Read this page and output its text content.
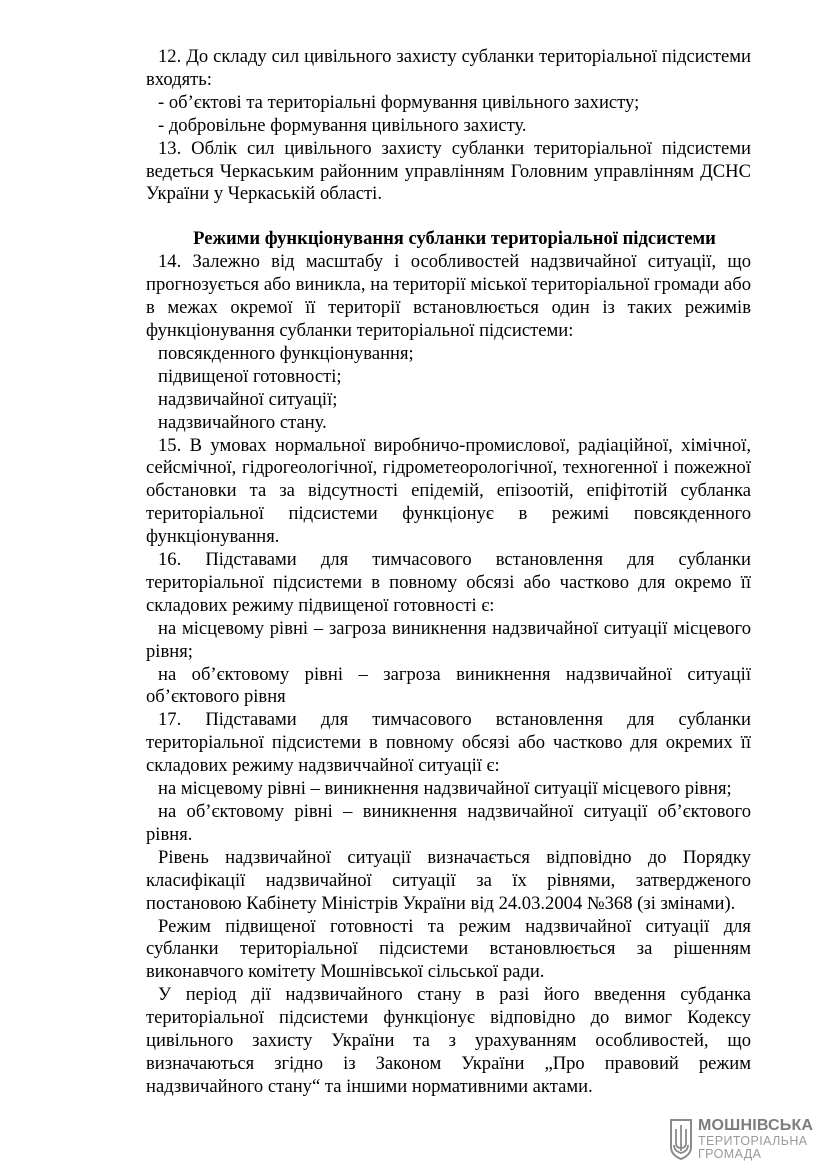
12. До складу сил цивільного захисту субланки територіальної підсистеми входять:

- об’єктові та територіальні формування цивільного захисту;

- добровільне формування цивільного захисту.

13. Облік сил цивільного захисту субланки територіальної підсистеми ведеться Черкаським районним управлінням Головним управлінням ДСНС України у Черкаській області.

Режими функціонування субланки територіальної підсистеми

14. Залежно від масштабу і особливостей надзвичайної ситуації, що прогнозується або виникла, на території міської територіальної громади або в межах окремої її території встановлюється один із таких режимів функціонування субланки територіальної підсистеми:

повсякденного функціонування;

підвищеної готовності;

надзвичайної ситуації;

надзвичайного стану.

15. В умовах нормальної виробничо-промислової, радіаційної, хімічної, сейсмічної, гідрогеологічної, гідрометеорологічної, техногенної і пожежної обстановки та за відсутності епідемій, епізоотій, епіфітотій субланка територіальної підсистеми функціонує в режимі повсякденного функціонування.

16. Підставами для тимчасового встановлення для субланки територіальної підсистеми в повному обсязі або частково для окремо її складових режиму підвищеної готовності є:

на місцевому рівні – загроза виникнення надзвичайної ситуації місцевого рівня;

на об’єктовому рівні – загроза виникнення надзвичайної ситуації об’єктового рівня

17. Підставами для тимчасового встановлення для субланки територіальної підсистеми в повному обсязі або частково для окремих її складових режиму надзвиччайної ситуації є:

на місцевому рівні – виникнення надзвичайної ситуації місцевого рівня;

на об’єктовому рівні – виникнення надзвичайної ситуації об’єктового рівня.

Рівень надзвичайної ситуації визначається відповідно до Порядку класифікації надзвичайної ситуації за їх рівнями, затвердженого постановою Кабінету Міністрів України від 24.03.2004 №368 (зі змінами).

Режим підвищеної готовності та режим надзвичайної ситуації для субланки територіальної підсистеми встановлюється за рішенням виконавчого комітету Мошнівської сільської ради.

У період дії надзвичайного стану в разі його введення субданка територіальної підсистеми функціонує відповідно до вимог Кодексу цивільного захисту України та з урахуванням особливостей, що визначаються згідно із Законом України „Про правовий режим надзвичайного стану“ та іншими нормативними актами.

МОШНІВСЬКА
ТЕРИТОРІАЛЬНА
ГРОМАДА
